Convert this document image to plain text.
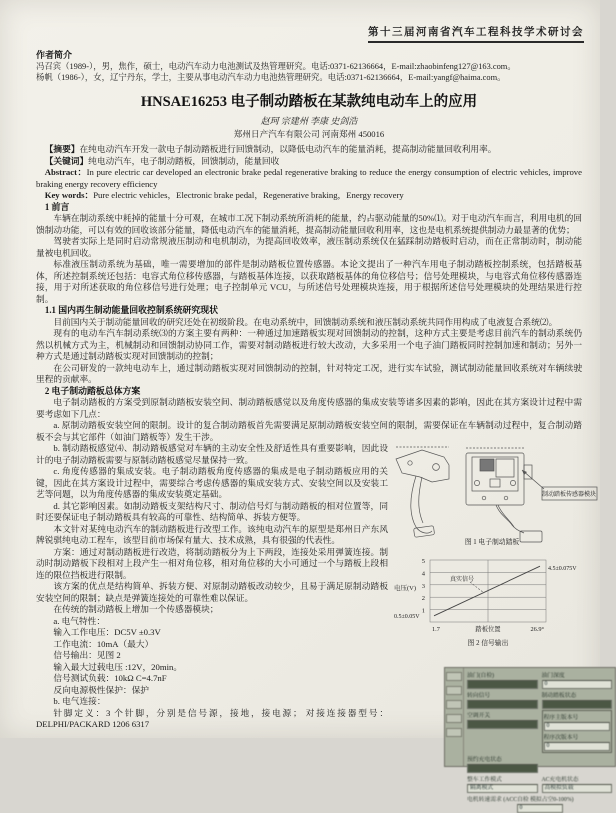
第十三届河南省汽车工程科技学术研讨会
作者简介
冯召宾（1989-），男，焦作，硕士，电动汽车动力电池测试及热管理研究。电话:0371-62136664，E-mail:zhaobinfeng127@163.com。
杨帆（1986-），女，辽宁丹东，学士，主要从事电动汽车动力电池热管理研究。电话:0371-62136664，E-mail:yangf@haima.com。
HNSAE16253 电子制动踏板在某款纯电动车上的应用
赵珂 宗建州 李康 史剑浩
郑州日产汽车有限公司 河南郑州 450016

【摘要】在纯电动汽车开发一款电子制动踏板进行回馈制动，以降低电动汽车的能量消耗，提高制动能量回收利用率。

【关键词】纯电动汽车，电子制动踏板，回馈制动，能量回收

Abstract：In pure electric car developed an electronic brake pedal regenerative braking to reduce the energy consumption of electric vehicles, improve braking energy recovery efficiency

Key words：Pure electric vehicles，Electronic brake pedal，Regenerative braking，Energy recovery

1 前言

车辆在制动系统中耗掉的能量十分可观，在城市工况下制动系统所消耗的能量，约占驱动能量的50%⑴。对于电动汽车而言，利用电机的回馈制动功能，可以有效的回收该部分能量，降低电动汽车的能量消耗，提高制动能量回收利用率，这也是电机系统提供制动力最显著的优势；

驾驶者实际上是同时启动常规液压制动和电机制动，为提高回收效率，液压制动系统仅在猛踩制动踏板时启动，而在正常制动时，制动能量被电机回收。

标准液压制动系统为基础，唯一需要增加的部件是制动踏板位置传感器。本论文提出了一种汽车用电子制动踏板控制系统，包括踏板基体，所述控制系统还包括：电容式角位移传感器，与踏板基体连接，以获取踏板基体的角位移信号；信号处理模块，与电容式角位移传感器连接，用于对所述获取的角位移信号进行处理；电子控制单元 VCU，与所述信号处理模块连接，用于根据所述信号处理模块的处理结果进行控制。

1.1 国内再生制动能量回收控制系统研究现状

目前国内关于制动能量回收的研究还处在初级阶段。在电动系统中，回馈制动系统和液压制动系统共同作用构成了电液复合系统⑵。

现有的电动车汽车制动系统⑶的方案主要有两种：一种通过加速踏板实现对回馈制动的控制，这种方式主要是考虑目前汽车的制动系统仍然以机械方式为主，机械制动和回馈制动协同工作，需要对制动踏板进行较大改动，大多采用一个电子油门踏板同时控制加速和制动；另外一种方式是通过制动踏板实现对回馈制动的控制；

在公司研发的一款纯电动车上，通过制动踏板实现对回馈制动的控制，针对特定工况，进行实车试验，测试制动能量回收系统对车辆续驶里程的贡献率。

2 电子制动踏板总体方案

电子制动踏板的方案受到原制动踏板安装空间、制动踏板感觉以及角度传感器的集成安装等诸多因素的影响，因此在其方案设计过程中需要考虑如下几点：

a. 原制动踏板安装空间的限制。设计的复合制动踏板首先需要满足原制动踏板安装空间的限制，需要保证在车辆制动过程中，复合制动踏板不会与其它部件（如油门踏板等）发生干涉。

b. 制动踏板感觉⑷、制动踏板感觉对车辆的主动安全性及舒适性具有重要影响，因此设计的电子制动踏板需要与原制动踏板感觉尽量保持一致。

c. 角度传感器的集成安装。电子制动踏板角度传感器的集成是电子制动踏板应用的关键，因此在其方案设计过程中，需要综合考虑传感器的集成安装方式、安装空间以及安装工艺等问题，以为角度传感器的集成安装奠定基础。

d. 其它影响因素。如制动踏板支架结构尺寸、制动信号灯与制动踏板的相对位置等，同时还要保证电子制动踏板具有较高的可靠性、结构简单、拆装方便等。

本文针对某纯电动汽车的制动踏板进行改型工作。该纯电动汽车的原型是郑州日产东风牌锐骐纯电动工程车，该型目前市场保有量大、技术成熟，具有很强的代表性。

方案：通过对制动踏板进行改造，将制动踏板分为上下两段，连接处采用弹簧连接。制动时制动踏板下段相对上段产生一相对角位移，相对角位移的大小可通过一个与踏板上段相连的限位挡板进行限制。

该方案的优点是结构简单、拆装方便、对原制动踏板改动较少，且易于满足原制动踏板安装空间的限制；缺点是弹簧连接处的可靠性难以保证。

在传统的制动踏板上增加一个传感器模块；

a. 电气特性：

输入工作电压：DC5V ±0.3V

工作电流：10mA（最大）

信号输出：见图 2

输入最大过载电压 :12V，20min。

信号测试负载：10kΩ C=4.7nF

反向电源极性保护：保护

b. 电气连接：

针脚定义：3 个针脚，分别是信号源，接地，接电源； 对接连接器型号：DELPHI/PACKARD 1206 6317

制动踏板传感器模块
图 1 电子制动踏板

5
4
3
2
1
电压(V)
真实信号
4.5±0.075V
0.5±0.05V
1.7	踏板位置	26.9°
图 2 信号输出
油门(自检)	油门深度
0
转向信号	制动踏板状态
空调开关	程序主版本号
0
程序次版本号
0
预约充电状态
整车工作模式
隔离模式
AC充电机状态
高模拟负载
电机转速需求 (ACC自检 模拟占空0-100%)
0
